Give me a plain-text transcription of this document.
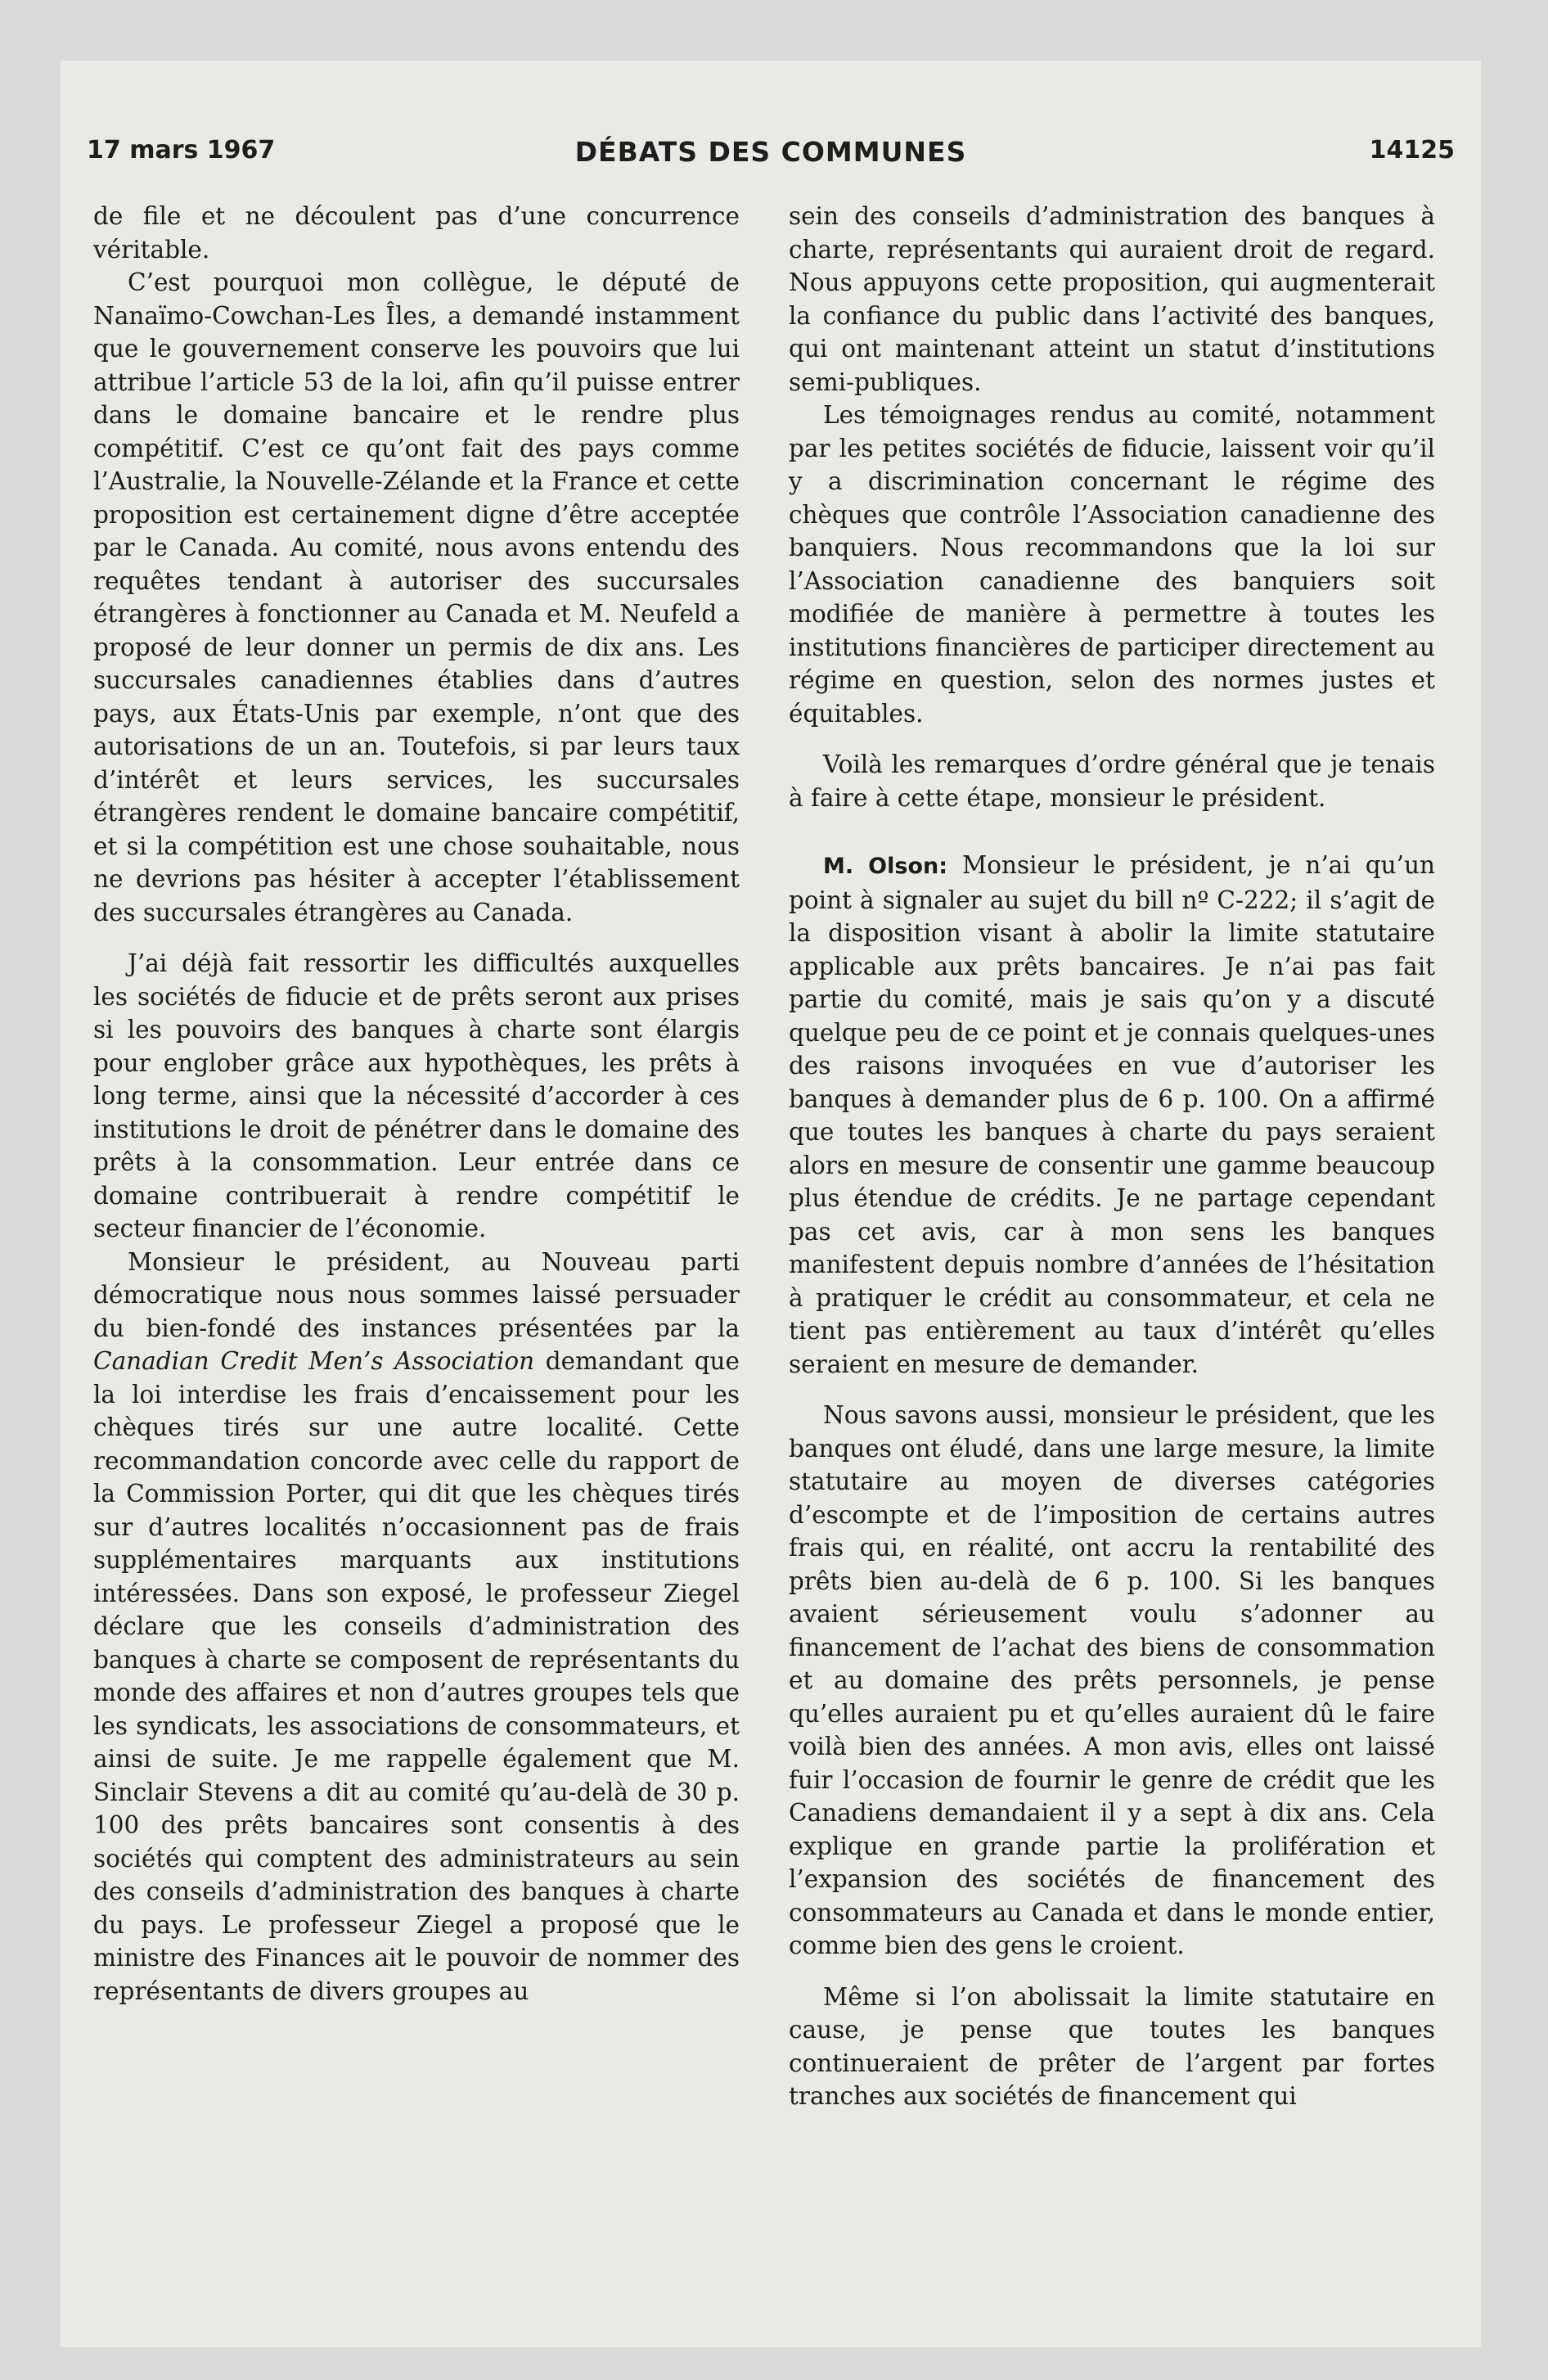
17 mars 1967	DÉBATS DES COMMUNES	14125

de file et ne découlent pas d’une concurrence véritable.

C’est pourquoi mon collègue, le député de Nanaïmo-Cowchan-Les Îles, a demandé instamment que le gouvernement conserve les pouvoirs que lui attribue l’article 53 de la loi, afin qu’il puisse entrer dans le domaine bancaire et le rendre plus compétitif. C’est ce qu’ont fait des pays comme l’Australie, la Nouvelle-Zélande et la France et cette proposition est certainement digne d’être acceptée par le Canada. Au comité, nous avons entendu des requêtes tendant à autoriser des succursales étrangères à fonctionner au Canada et M. Neufeld a proposé de leur donner un permis de dix ans. Les succursales canadiennes établies dans d’autres pays, aux États-Unis par exemple, n’ont que des autorisations de un an. Toutefois, si par leurs taux d’intérêt et leurs services, les succursales étrangères rendent le domaine bancaire compétitif, et si la compétition est une chose souhaitable, nous ne devrions pas hésiter à accepter l’établissement des succursales étrangères au Canada.

J’ai déjà fait ressortir les difficultés auxquelles les sociétés de fiducie et de prêts seront aux prises si les pouvoirs des banques à charte sont élargis pour englober grâce aux hypothèques, les prêts à long terme, ainsi que la nécessité d’accorder à ces institutions le droit de pénétrer dans le domaine des prêts à la consommation. Leur entrée dans ce domaine contribuerait à rendre compétitif le secteur financier de l’économie.

Monsieur le président, au Nouveau parti démocratique nous nous sommes laissé persuader du bien-fondé des instances présentées par la Canadian Credit Men’s Association demandant que la loi interdise les frais d’encaissement pour les chèques tirés sur une autre localité. Cette recommandation concorde avec celle du rapport de la Commission Porter, qui dit que les chèques tirés sur d’autres localités n’occasionnent pas de frais supplémentaires marquants aux institutions intéressées. Dans son exposé, le professeur Ziegel déclare que les conseils d’administration des banques à charte se composent de représentants du monde des affaires et non d’autres groupes tels que les syndicats, les associations de consommateurs, et ainsi de suite. Je me rappelle également que M. Sinclair Stevens a dit au comité qu’au-delà de 30 p. 100 des prêts bancaires sont consentis à des sociétés qui comptent des administrateurs au sein des conseils d’administration des banques à charte du pays. Le professeur Ziegel a proposé que le ministre des Finances ait le pouvoir de nommer des représentants de divers groupes au

sein des conseils d’administration des banques à charte, représentants qui auraient droit de regard. Nous appuyons cette proposition, qui augmenterait la confiance du public dans l’activité des banques, qui ont maintenant atteint un statut d’institutions semi-publiques.

Les témoignages rendus au comité, notamment par les petites sociétés de fiducie, laissent voir qu’il y a discrimination concernant le régime des chèques que contrôle l’Association canadienne des banquiers. Nous recommandons que la loi sur l’Association canadienne des banquiers soit modifiée de manière à permettre à toutes les institutions financières de participer directement au régime en question, selon des normes justes et équitables.

Voilà les remarques d’ordre général que je tenais à faire à cette étape, monsieur le président.

M. Olson: Monsieur le président, je n’ai qu’un point à signaler au sujet du bill nº C-222; il s’agit de la disposition visant à abolir la limite statutaire applicable aux prêts bancaires. Je n’ai pas fait partie du comité, mais je sais qu’on y a discuté quelque peu de ce point et je connais quelques-unes des raisons invoquées en vue d’autoriser les banques à demander plus de 6 p. 100. On a affirmé que toutes les banques à charte du pays seraient alors en mesure de consentir une gamme beaucoup plus étendue de crédits. Je ne partage cependant pas cet avis, car à mon sens les banques manifestent depuis nombre d’années de l’hésitation à pratiquer le crédit au consommateur, et cela ne tient pas entièrement au taux d’intérêt qu’elles seraient en mesure de demander.

Nous savons aussi, monsieur le président, que les banques ont éludé, dans une large mesure, la limite statutaire au moyen de diverses catégories d’escompte et de l’imposition de certains autres frais qui, en réalité, ont accru la rentabilité des prêts bien au-delà de 6 p. 100. Si les banques avaient sérieusement voulu s’adonner au financement de l’achat des biens de consommation et au domaine des prêts personnels, je pense qu’elles auraient pu et qu’elles auraient dû le faire voilà bien des années. A mon avis, elles ont laissé fuir l’occasion de fournir le genre de crédit que les Canadiens demandaient il y a sept à dix ans. Cela explique en grande partie la prolifération et l’expansion des sociétés de financement des consommateurs au Canada et dans le monde entier, comme bien des gens le croient.

Même si l’on abolissait la limite statutaire en cause, je pense que toutes les banques continueraient de prêter de l’argent par fortes tranches aux sociétés de financement qui
